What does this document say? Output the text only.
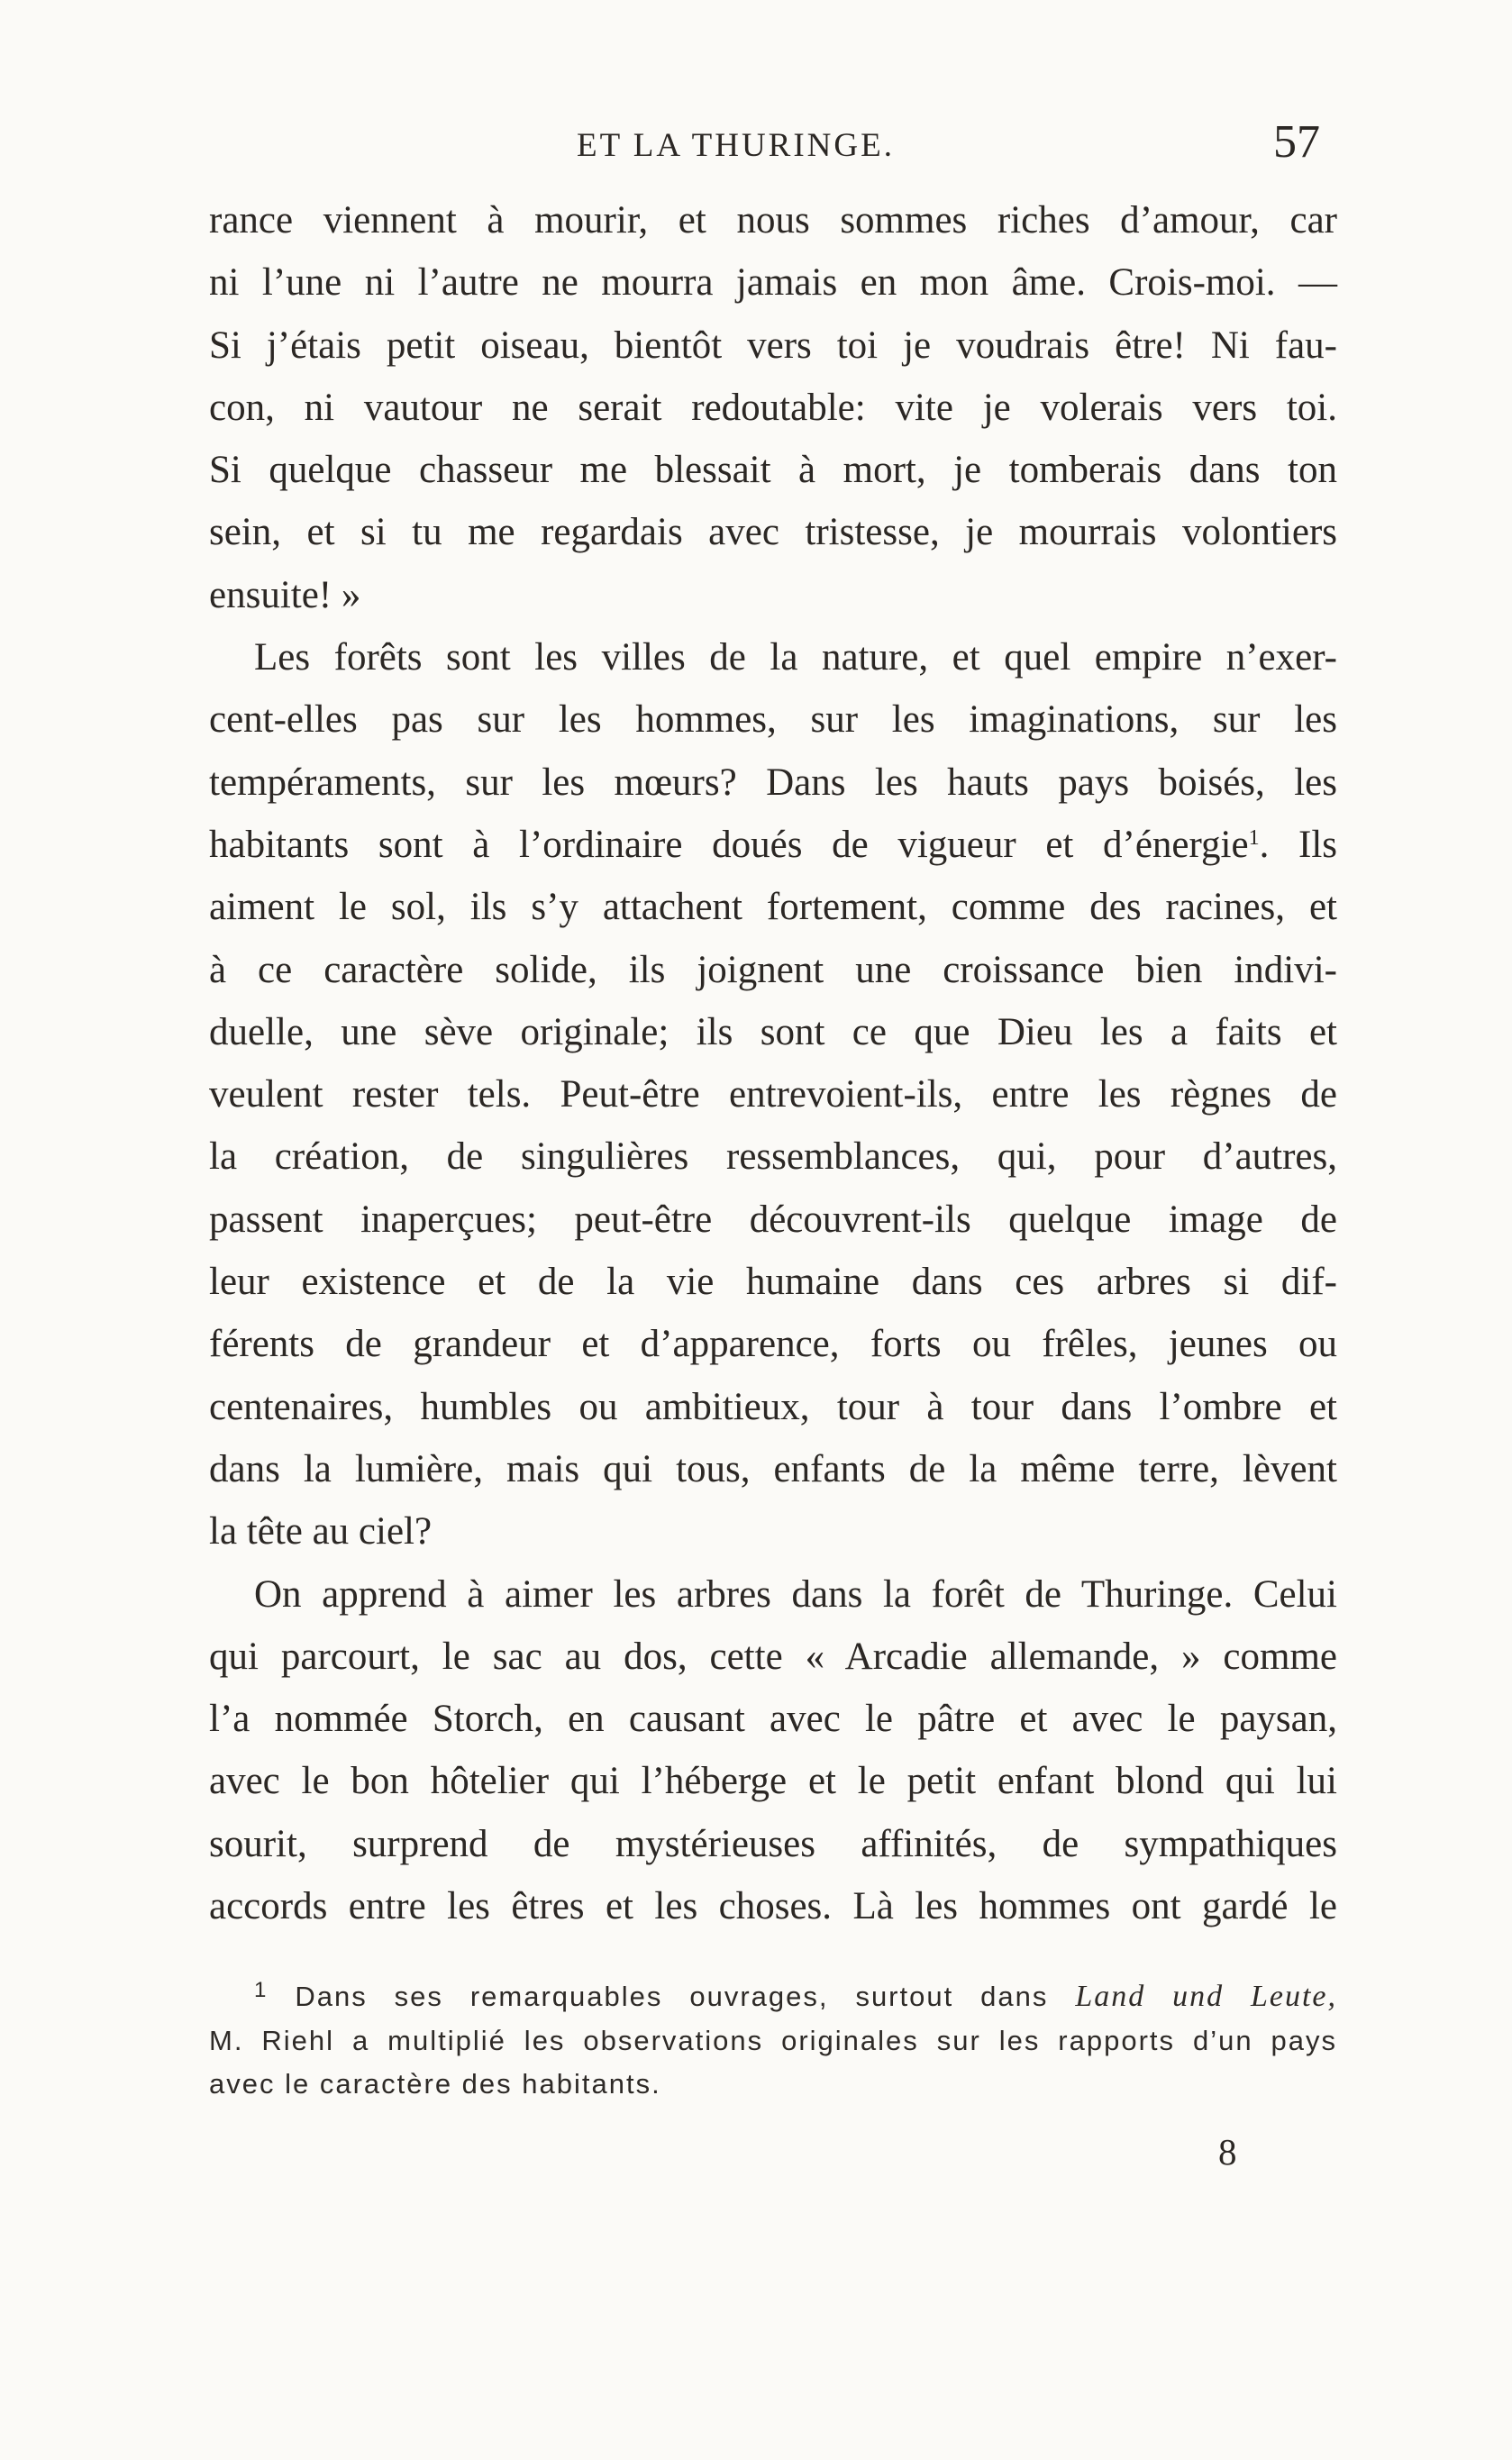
ET LA THURINGE.	57
rance viennent à mourir, et nous sommes riches d’amour, car
ni l’une ni l’autre ne mourra jamais en mon âme. Crois-moi. —
Si j’étais petit oiseau, bientôt vers toi je voudrais être! Ni fau-
con, ni vautour ne serait redoutable: vite je volerais vers toi.
Si quelque chasseur me blessait à mort, je tomberais dans ton
sein, et si tu me regardais avec tristesse, je mourrais volontiers
ensuite! »
Les forêts sont les villes de la nature, et quel empire n’exer-
cent-elles pas sur les hommes, sur les imaginations, sur les
tempéraments, sur les mœurs? Dans les hauts pays boisés, les
habitants sont à l’ordinaire doués de vigueur et d’énergie$^1$. Ils
aiment le sol, ils s’y attachent fortement, comme des racines, et
à ce caractère solide, ils joignent une croissance bien indivi-
duelle, une sève originale; ils sont ce que Dieu les a faits et
veulent rester tels. Peut-être entrevoient-ils, entre les règnes de
la création, de singulières ressemblances, qui, pour d’autres,
passent inaperçues; peut-être découvrent-ils quelque image de
leur existence et de la vie humaine dans ces arbres si dif-
férents de grandeur et d’apparence, forts ou frêles, jeunes ou
centenaires, humbles ou ambitieux, tour à tour dans l’ombre et
dans la lumière, mais qui tous, enfants de la même terre, lèvent
la tête au ciel?
On apprend à aimer les arbres dans la forêt de Thuringe. Celui
qui parcourt, le sac au dos, cette « Arcadie allemande, » comme
l’a nommée Storch, en causant avec le pâtre et avec le paysan,
avec le bon hôtelier qui l’héberge et le petit enfant blond qui lui
sourit, surprend de mystérieuses affinités, de sympathiques
accords entre les êtres et les choses. Là les hommes ont gardé le
$^1$ Dans ses remarquables ouvrages, surtout dans Land und Leute,
M. Riehl a multiplié les observations originales sur les rapports d’un pays
avec le caractère des habitants.
8
